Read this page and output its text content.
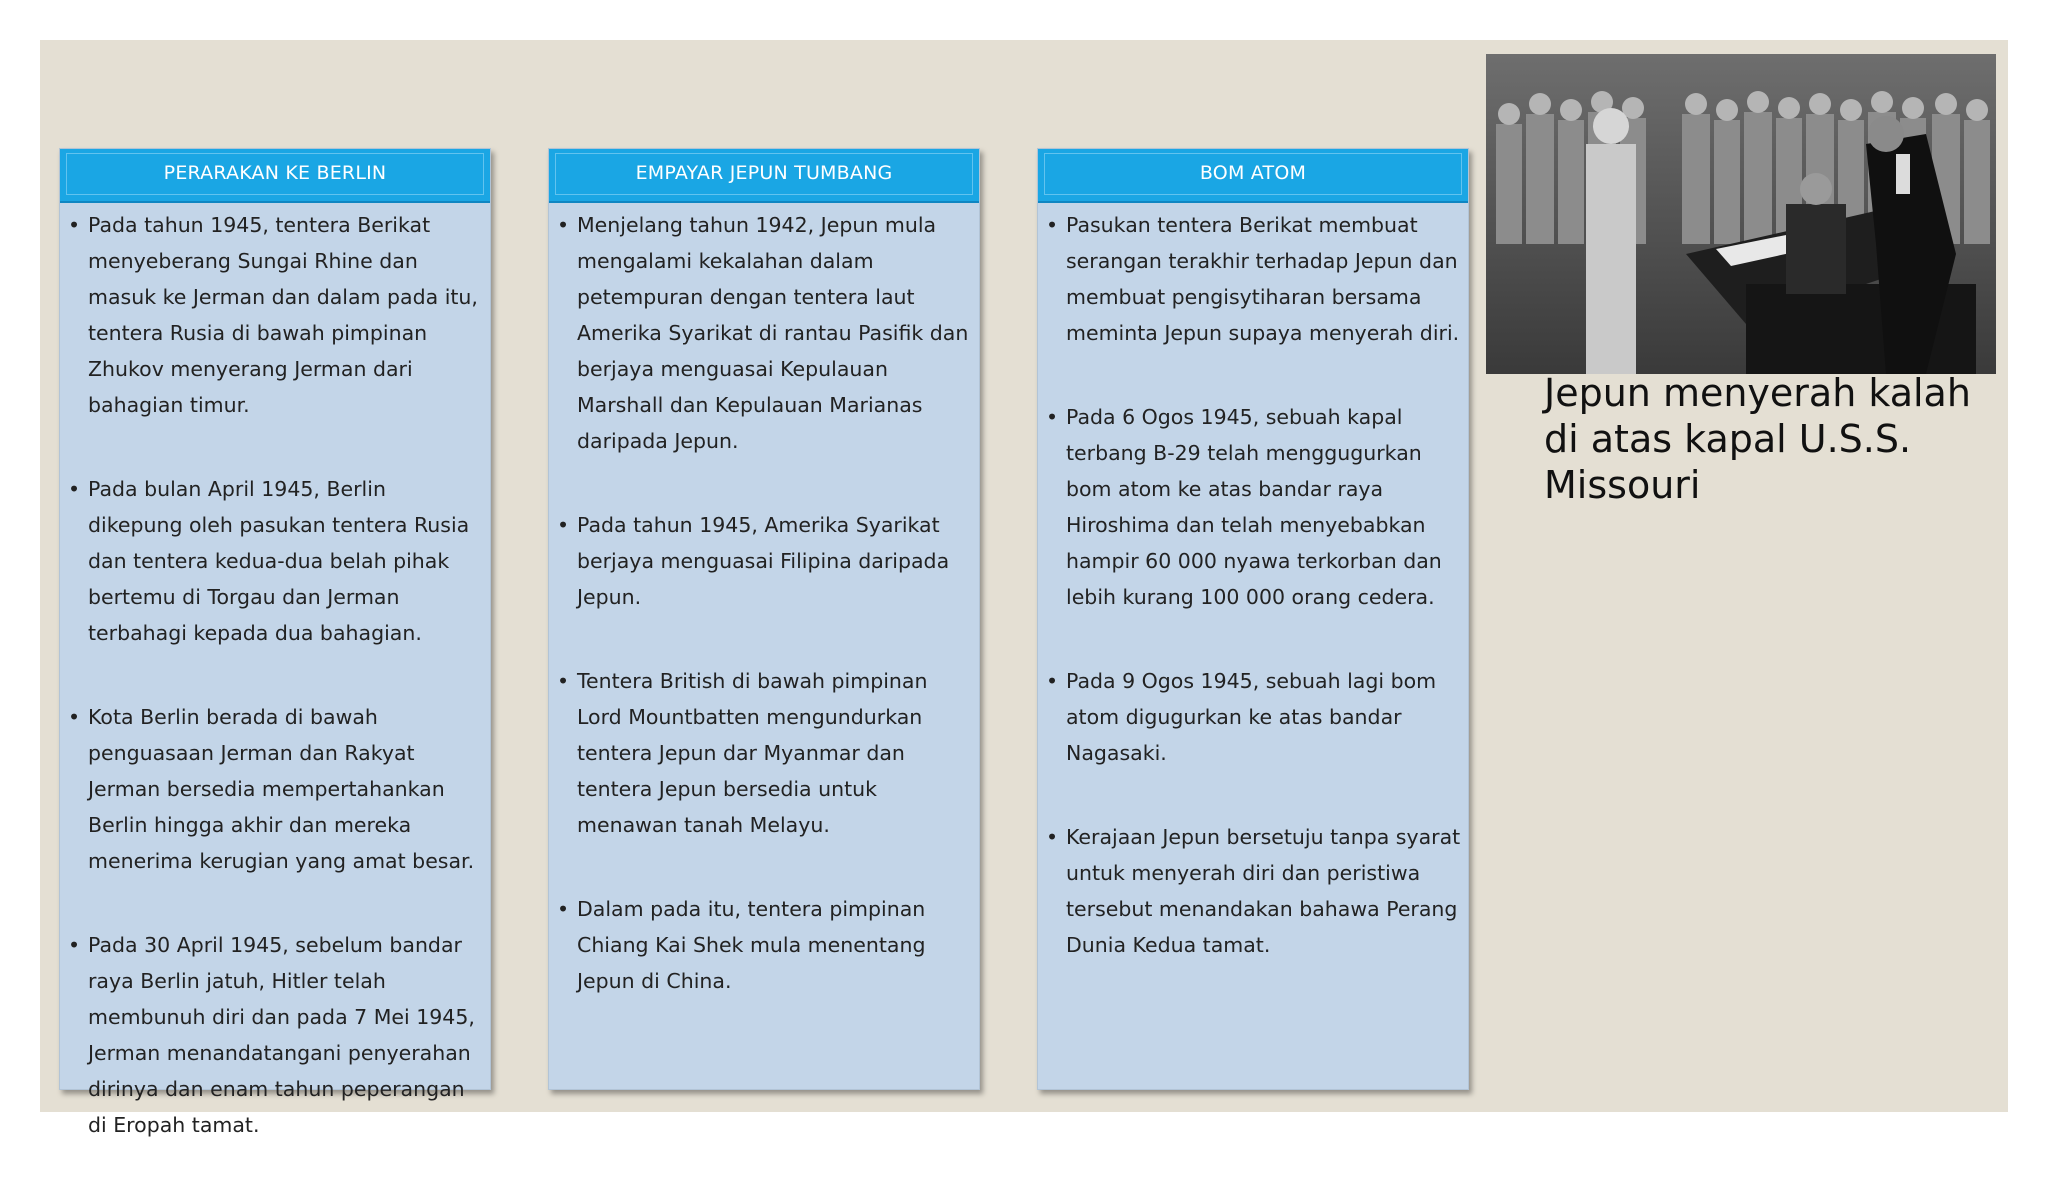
PERARAKAN KE BERLIN
• Pada tahun 1945, tentera Berikat menyeberang Sungai Rhine dan masuk ke Jerman dan dalam pada itu, tentera Rusia di bawah pimpinan Zhukov menyerang Jerman dari bahagian timur.
• Pada bulan April 1945, Berlin dikepung oleh pasukan tentera Rusia dan tentera kedua-dua belah pihak bertemu di Torgau dan Jerman terbahagi kepada dua bahagian.
• Kota Berlin berada di bawah penguasaan Jerman dan Rakyat Jerman bersedia mempertahankan Berlin hingga akhir dan mereka menerima kerugian yang amat besar.
• Pada 30 April 1945, sebelum bandar raya Berlin jatuh, Hitler telah membunuh diri dan pada 7 Mei 1945, Jerman menandatangani penyerahan dirinya dan enam tahun peperangan di Eropah tamat.
EMPAYAR JEPUN TUMBANG
• Menjelang tahun 1942, Jepun mula mengalami kekalahan dalam petempuran dengan tentera laut Amerika Syarikat di rantau Pasifik dan berjaya menguasai Kepulauan Marshall dan Kepulauan Marianas daripada Jepun.
• Pada tahun 1945, Amerika Syarikat berjaya menguasai Filipina daripada Jepun.
• Tentera British di bawah pimpinan Lord Mountbatten mengundurkan tentera Jepun dar Myanmar dan tentera Jepun bersedia untuk menawan tanah Melayu.
• Dalam pada itu, tentera pimpinan Chiang Kai Shek mula menentang Jepun di China.
BOM ATOM
• Pasukan tentera Berikat membuat serangan terakhir terhadap Jepun dan membuat pengisytiharan bersama meminta Jepun supaya menyerah diri.
• Pada 6 Ogos 1945, sebuah kapal terbang B-29 telah menggugurkan bom atom ke atas bandar raya Hiroshima dan telah menyebabkan hampir 60 000 nyawa terkorban dan lebih kurang 100 000 orang cedera.
• Pada 9 Ogos 1945, sebuah lagi bom atom digugurkan ke atas bandar Nagasaki.
• Kerajaan Jepun bersetuju tanpa syarat untuk menyerah diri dan peristiwa tersebut menandakan bahawa Perang Dunia Kedua tamat.
Jepun menyerah kalah di atas kapal U.S.S. Missouri
